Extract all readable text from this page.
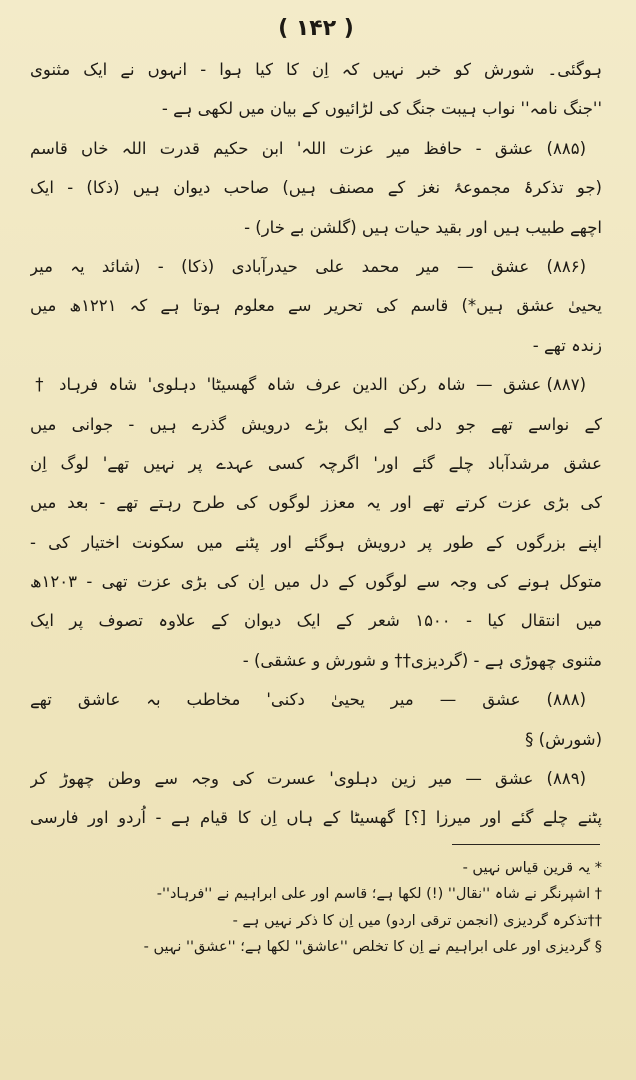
( ۱۴۲ )
ہوگئی۔ شورش کو خبر نہیں کہ اِن کا کیا ہوا - انہوں نے ایک مثنوی
''جنگ نامہ'' نواب ہیبت جنگ کی لڑائیوں کے بیان میں لکھی ہے -
(۸۸۵) عشق - حافظ میر عزت اللہ' ابن حکیم قدرت اللہ خاں قاسم
(جو تذکرۂ مجموعۂ نغز کے مصنف ہیں) صاحب دیوان ہیں (ذکا) - ایک
اچھے طبیب ہیں اور بقید حیات ہیں (گلشن بے خار) -
(۸۸۶) عشق — میر محمد علی حیدرآبادی (ذکا) - (شائد یہ میر
یحییٰ عشق ہیں*) قاسم کی تحریر سے معلوم ہوتا ہے کہ ۱۲۲۱ھ میں
زندہ تھے -
(۸۸۷) عشق — شاہ رکن الدین عرف شاہ گھسیٹا' دہلوی' شاہ فرہاد †
کے نواسے تھے جو دلی کے ایک بڑے درویش گذرے ہیں - جوانی میں
عشق مرشدآباد چلے گئے اور' اگرچہ کسی عہدے پر نہیں تھے' لوگ اِن
کی بڑی عزت کرتے تھے اور یہ معزز لوگوں کی طرح رہتے تھے - بعد میں
اپنے بزرگوں کے طور پر درویش ہوگئے اور پٹنے میں سکونت اختیار کی -
متوکل ہونے کی وجہ سے لوگوں کے دل میں اِن کی بڑی عزت تھی - ۱۲۰۳ھ
میں انتقال کیا - ۱۵۰۰ شعر کے ایک دیوان کے علاوہ تصوف پر ایک
مثنوی چھوڑی ہے - (گردیزی†† و شورش و عشقی) -
(۸۸۸) عشق — میر یحییٰ دکنی' مخاطب بہ عاشق تھے
(شورش) §
(۸۸۹) عشق — میر زین دہلوی' عسرت کی وجہ سے وطن چھوڑ کر
پٹنے چلے گئے اور میرزا [؟] گھسیٹا کے ہاں اِن کا قیام ہے - اُردو اور فارسی
* یہ قرین قیاس نہیں -
† اشپرنگر نے شاہ ''نقال'' (!) لکھا ہے؛ قاسم اور علی ابراہیم نے ''فرہاد''-
††تذکرہ گردیزی (انجمن ترقی اردو) میں اِن کا ذکر نہیں ہے -
§ گردیزی اور علی ابراہیم نے اِن کا تخلص ''عاشق'' لکھا ہے؛ ''عشق'' نہیں -
